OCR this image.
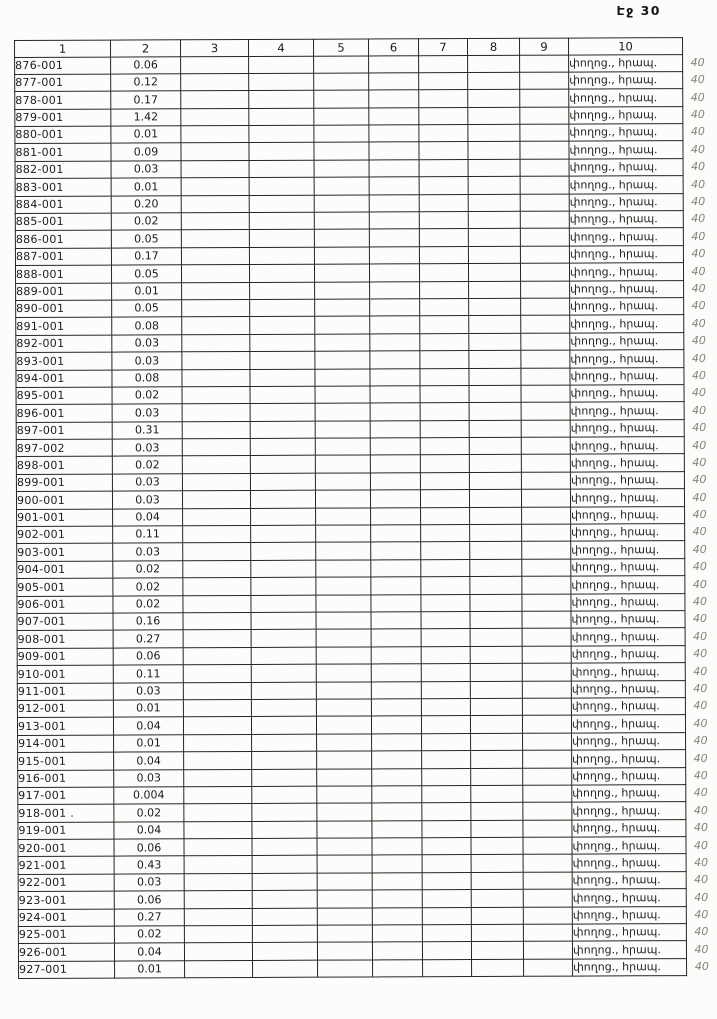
Էջ 30
1	2	3	4	5	6	7	8	9	10	
876-001	0.06								փողոց., հրապ.	40
877-001	0.12								փողոց., հրապ.	40
878-001	0.17								փողոց., հրապ.	40
879-001	1.42								փողոց., հրապ.	40
880-001	0.01								փողոց., հրապ.	40
881-001	0.09								փողոց., հրապ.	40
882-001	0.03								փողոց., հրապ.	40
883-001	0.01								փողոց., հրապ.	40
884-001	0.20								փողոց., հրապ.	40
885-001	0.02								փողոց., հրապ.	40
886-001	0.05								փողոց., հրապ.	40
887-001	0.17								փողոց., հրապ.	40
888-001	0.05								փողոց., հրապ.	40
889-001	0.01								փողոց., հրապ.	40
890-001	0.05								փողոց., հրապ.	40
891-001	0.08								փողոց., հրապ.	40
892-001	0.03								փողոց., հրապ.	40
893-001	0.03								փողոց., հրապ.	40
894-001	0.08								փողոց., հրապ.	40
895-001	0.02								փողոց., հրապ.	40
896-001	0.03								փողոց., հրապ.	40
897-001	0.31								փողոց., հրապ.	40
897-002	0.03								փողոց., հրապ.	40
898-001	0.02								փողոց., հրապ.	40
899-001	0.03								փողոց., հրապ.	40
900-001	0.03								փողոց., հրապ.	40
901-001	0.04								փողոց., հրապ.	40
902-001	0.11								փողոց., հրապ.	40
903-001	0.03								փողոց., հրապ.	40
904-001	0.02								փողոց., հրապ.	40
905-001	0.02								փողոց., հրապ.	40
906-001	0.02								փողոց., հրապ.	40
907-001	0.16								փողոց., հրապ.	40
908-001	0.27								փողոց., հրապ.	40
909-001	0.06								փողոց., հրապ.	40
910-001	0.11								փողոց., հրապ.	40
911-001	0.03								փողոց., հրապ.	40
912-001	0.01								փողոց., հրապ.	40
913-001	0.04								փողոց., հրապ.	40
914-001	0.01								փողոց., հրապ.	40
915-001	0.04								փողոց., հրապ.	40
916-001	0.03								փողոց., հրապ.	40
917-001	0.004								փողոց., հրապ.	40
918-001 .	0.02								փողոց., հրապ.	40
919-001	0.04								փողոց., հրապ.	40
920-001	0.06								փողոց., հրապ.	40
921-001	0.43								փողոց., հրապ.	40
922-001	0.03								փողոց., հրապ.	40
923-001	0.06								փողոց., հրապ.	40
924-001	0.27								փողոց., հրապ.	40
925-001	0.02								փողոց., հրապ.	40
926-001	0.04								փողոց., հրապ.	40
927-001	0.01								փողոց., հրապ.	40
